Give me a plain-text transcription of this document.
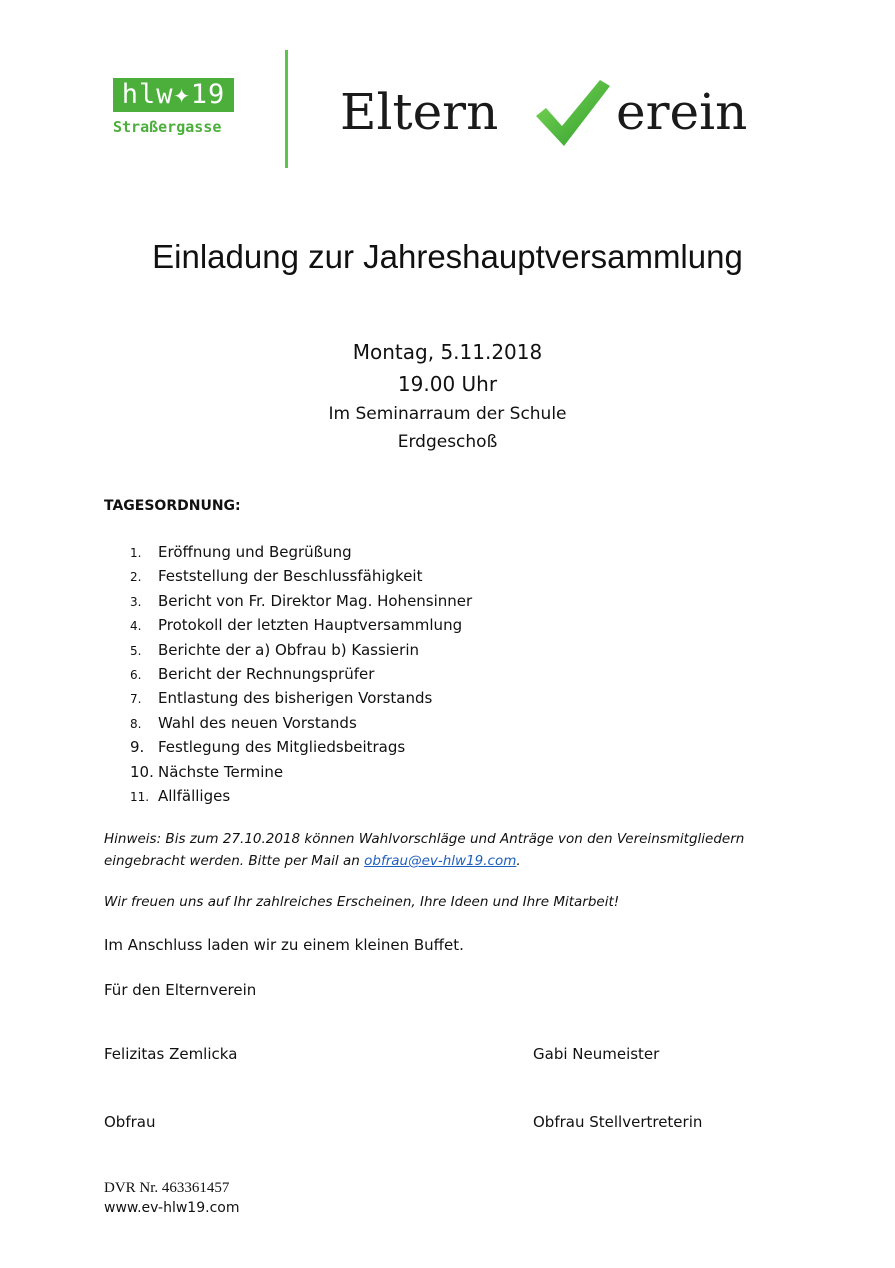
hlw✦19
Straßergasse	Eltern erein
Einladung zur Jahreshauptversammlung
Montag, 5.11.2018
19.00 Uhr
Im Seminarraum der Schule
Erdgeschoß
TAGESORDNUNG:
1. Eröffnung und Begrüßung
2. Feststellung der Beschlussfähigkeit
3. Bericht von Fr. Direktor Mag. Hohensinner
4. Protokoll der letzten Hauptversammlung
5. Berichte der a) Obfrau b) Kassierin
6. Bericht der Rechnungsprüfer
7. Entlastung des bisherigen Vorstands
8. Wahl des neuen Vorstands
9. Festlegung des Mitgliedsbeitrags
10. Nächste Termine
11. Allfälliges
Hinweis: Bis zum 27.10.2018 können Wahlvorschläge und Anträge von den Vereinsmitgliedern eingebracht werden. Bitte per Mail an obfrau@ev-hlw19.com.
Wir freuen uns auf Ihr zahlreiches Erscheinen, Ihre Ideen und Ihre Mitarbeit!
Im Anschluss laden wir zu einem kleinen Buffet.
Für den Elternverein
Felizitas Zemlicka	Gabi Neumeister
Obfrau	Obfrau Stellvertreterin
DVR Nr. 463361457
www.ev-hlw19.com
